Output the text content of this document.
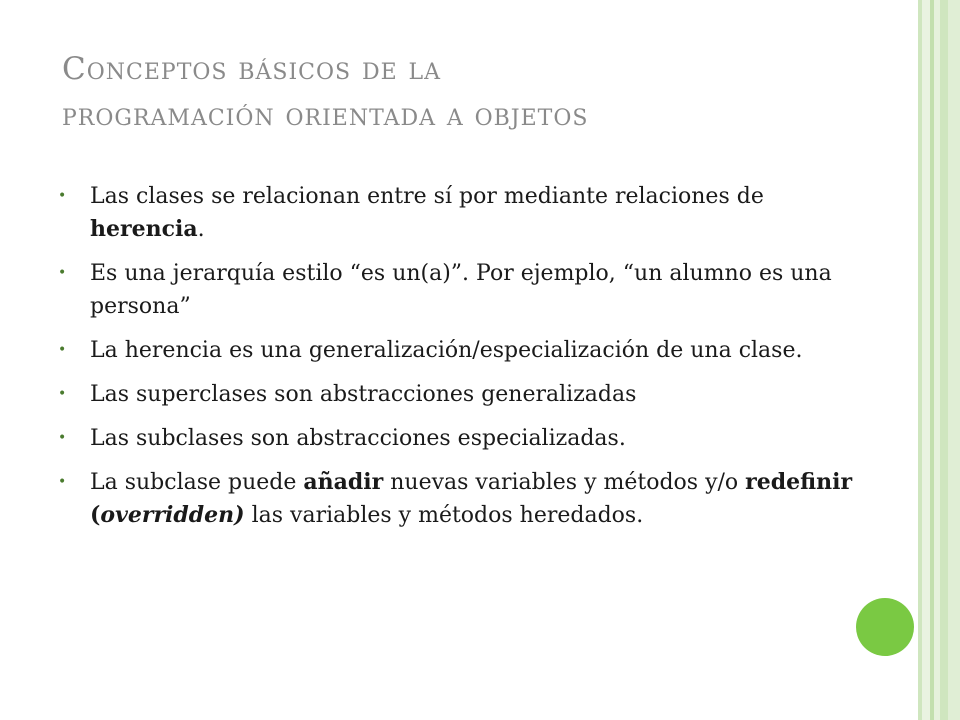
Conceptos básicos de la
programación orientada a objetos
• Las clases se relacionan entre sí por mediante relaciones de herencia.
• Es una jerarquía estilo “es un(a)”. Por ejemplo, “un alumno es una persona”
• La herencia es una generalización/especialización de una clase.
• Las superclases son abstracciones generalizadas
• Las subclases son abstracciones especializadas.
• La subclase puede añadir nuevas variables y métodos y/o redefinir (overridden) las variables y métodos heredados.
